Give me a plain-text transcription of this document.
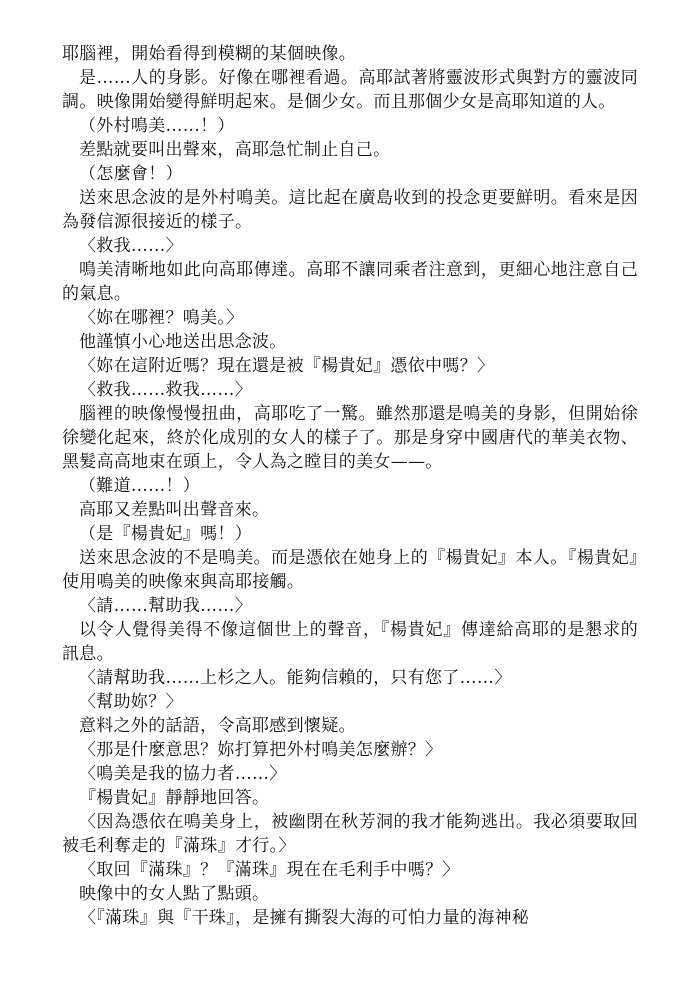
耶腦裡，開始看得到模糊的某個映像。

是……人的身影。好像在哪裡看過。高耶試著將靈波形式與對方的靈波同調。映像開始變得鮮明起來。是個少女。而且那個少女是高耶知道的人。

（外村鳴美……！）

差點就要叫出聲來，高耶急忙制止自己。

（怎麼會！）

送來思念波的是外村鳴美。這比起在廣島收到的投念更要鮮明。看來是因為發信源很接近的樣子。

〈救我……〉

鳴美清晰地如此向高耶傳達。高耶不讓同乘者注意到，更細心地注意自己的氣息。

〈妳在哪裡？鳴美。〉

他謹慎小心地送出思念波。

〈妳在這附近嗎？現在還是被『楊貴妃』憑依中嗎？〉

〈救我……救我……〉

腦裡的映像慢慢扭曲，高耶吃了一驚。雖然那還是鳴美的身影，但開始徐徐變化起來，終於化成別的女人的樣子了。那是身穿中國唐代的華美衣物、黑髮高高地束在頭上，令人為之瞠目的美女——。

（難道……！）

高耶又差點叫出聲音來。

（是『楊貴妃』嗎！）

送來思念波的不是鳴美。而是憑依在她身上的『楊貴妃』本人。『楊貴妃』使用鳴美的映像來與高耶接觸。

〈請……幫助我……〉

以令人覺得美得不像這個世上的聲音，『楊貴妃』傳達給高耶的是懇求的訊息。

〈請幫助我……上杉之人。能夠信賴的，只有您了……〉

〈幫助妳？〉

意料之外的話語，令高耶感到懷疑。

〈那是什麼意思？妳打算把外村鳴美怎麼辦？〉

〈鳴美是我的協力者……〉

『楊貴妃』靜靜地回答。

〈因為憑依在鳴美身上，被幽閉在秋芳洞的我才能夠逃出。我必須要取回被毛利奪走的『滿珠』才行。〉

〈取回『滿珠』？『滿珠』現在在毛利手中嗎？〉

映像中的女人點了點頭。

〈『滿珠』與『干珠』，是擁有撕裂大海的可怕力量的海神秘
